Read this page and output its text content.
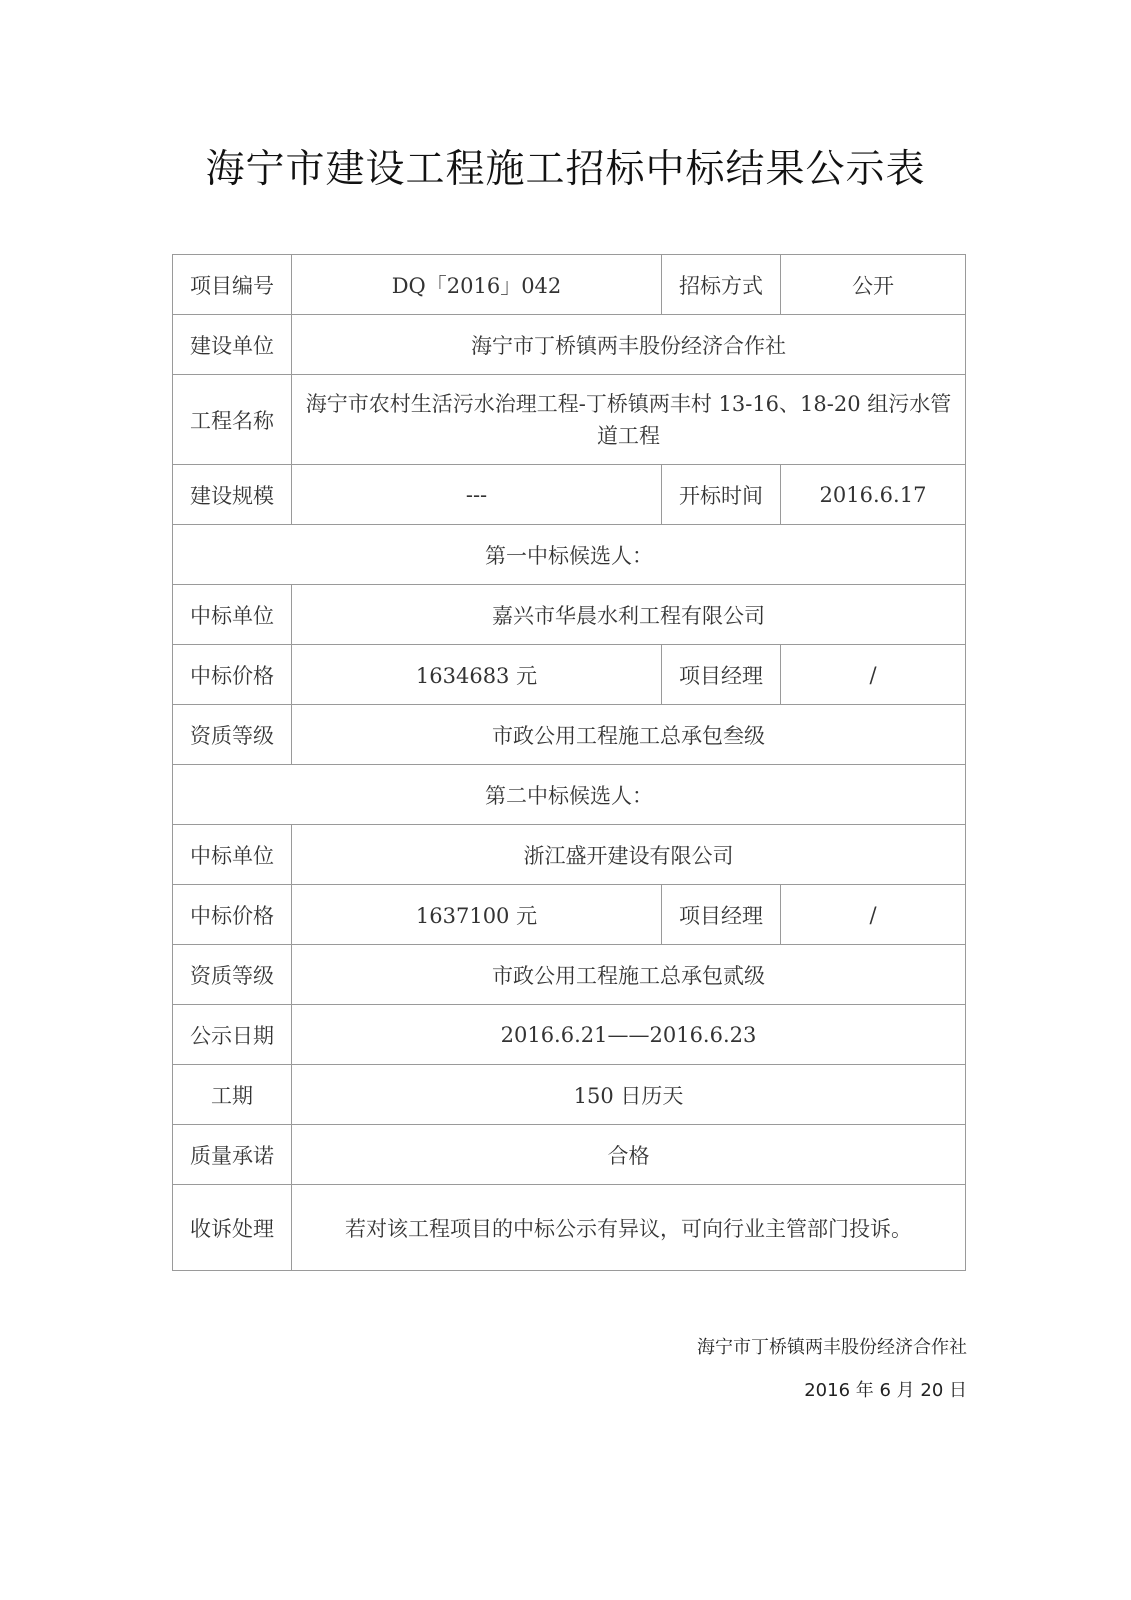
海宁市建设工程施工招标中标结果公示表
项目编号	DQ「2016」042	招标方式	公开
建设单位	海宁市丁桥镇两丰股份经济合作社		
工程名称	海宁市农村生活污水治理工程-丁桥镇两丰村 13-16、18-20 组污水管道工程		
建设规模	---	开标时间	2016.6.17
第一中标候选人：			
中标单位	嘉兴市华晨水利工程有限公司		
中标价格	1634683 元	项目经理	/
资质等级	市政公用工程施工总承包叁级		
第二中标候选人：			
中标单位	浙江盛开建设有限公司		
中标价格	1637100 元	项目经理	/
资质等级	市政公用工程施工总承包贰级		
公示日期	2016.6.21——2016.6.23		
工期	150 日历天		
质量承诺	合格		
收诉处理	若对该工程项目的中标公示有异议，可向行业主管部门投诉。		
海宁市丁桥镇两丰股份经济合作社
2016 年 6 月 20 日
